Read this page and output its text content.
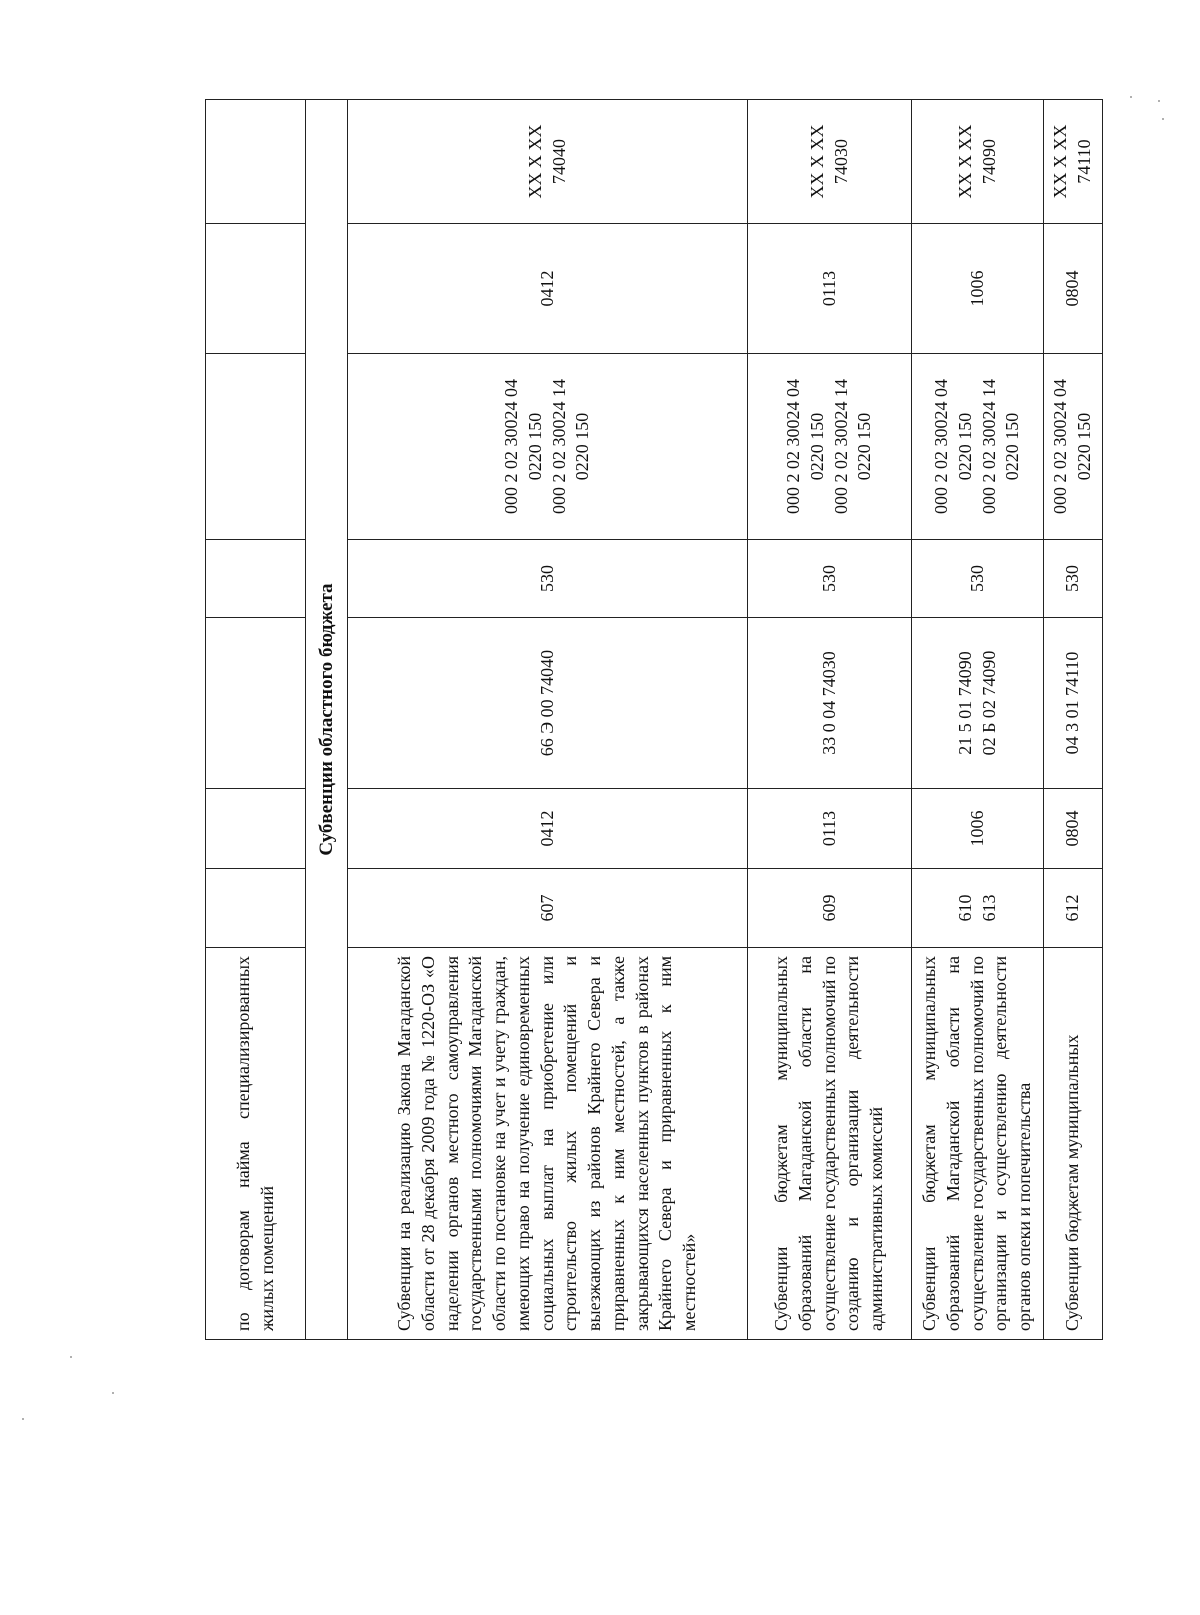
по договорам найма специализированных жилых помещений							
Субвенции областного бюджета							
Субвенции на реализацию Закона Магаданской области от 28 декабря 2009 года № 1220-ОЗ «О наделении органов местного самоуправления государственными полномочиями Магаданской области по постановке на учет и учету граждан, имеющих право на получение единовременных социальных выплат на приобретение или строительство жилых помещений и выезжающих из районов Крайнего Севера и приравненных к ним местностей, а также закрывающихся населенных пунктов в районах Крайнего Севера и приравненных к ним местностей»	607	0412	66 Э 00 74040	530	000 2 02 30024 04 0220 150 000 2 02 30024 14 0220 150	0412	XX X XX 74040
Субвенции бюджетам муниципальных образований Магаданской области на осуществление государственных полномочий по созданию и организации деятельности административных комиссий	609	0113	33 0 04 74030	530	000 2 02 30024 04 0220 150 000 2 02 30024 14 0220 150	0113	XX X XX 74030
Субвенции бюджетам муниципальных образований Магаданской области на осуществление государственных полномочий по организации и осуществлению деятельности органов опеки и попечительства	610 613	1006	21 5 01 74090 02 Б 02 74090	530	000 2 02 30024 04 0220 150 000 2 02 30024 14 0220 150	1006	XX X XX 74090
Субвенции бюджетам муниципальных	612	0804	04 3 01 74110	530	000 2 02 30024 04 0220 150	0804	XX X XX 74110
